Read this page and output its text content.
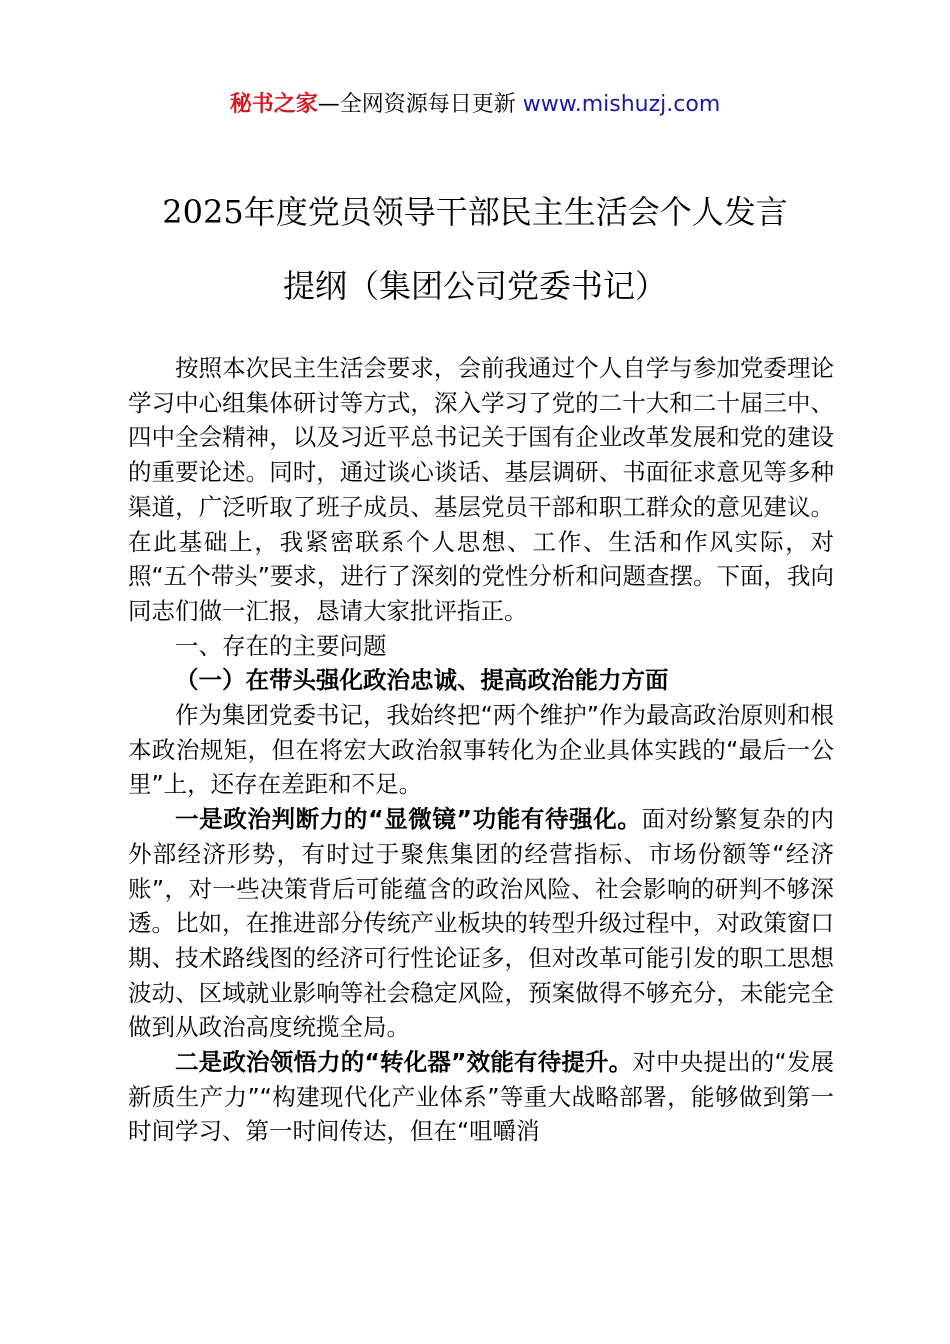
秘书之家—全网资源每日更新 www.mishuzj.com
2025年度党员领导干部民主生活会个人发言
提纲（集团公司党委书记）

按照本次民主生活会要求，会前我通过个人自学与参加党委理论学习中心组集体研讨等方式，深入学习了党的二十大和二十届三中、四中全会精神，以及习近平总书记关于国有企业改革发展和党的建设的重要论述。同时，通过谈心谈话、基层调研、书面征求意见等多种渠道，广泛听取了班子成员、基层党员干部和职工群众的意见建议。在此基础上，我紧密联系个人思想、工作、生活和作风实际，对照“五个带头”要求，进行了深刻的党性分析和问题查摆。下面，我向同志们做一汇报，恳请大家批评指正。

一、存在的主要问题

（一）在带头强化政治忠诚、提高政治能力方面

作为集团党委书记，我始终把“两个维护”作为最高政治原则和根本政治规矩，但在将宏大政治叙事转化为企业具体实践的“最后一公里”上，还存在差距和不足。

一是政治判断力的“显微镜”功能有待强化。面对纷繁复杂的内外部经济形势，有时过于聚焦集团的经营指标、市场份额等“经济账”，对一些决策背后可能蕴含的政治风险、社会影响的研判不够深透。比如，在推进部分传统产业板块的转型升级过程中，对政策窗口期、技术路线图的经济可行性论证多，但对改革可能引发的职工思想波动、区域就业影响等社会稳定风险，预案做得不够充分，未能完全做到从政治高度统揽全局。

二是政治领悟力的“转化器”效能有待提升。对中央提出的“发展新质生产力”“构建现代化产业体系”等重大战略部署，能够做到第一时间学习、第一时间传达，但在“咀嚼消
